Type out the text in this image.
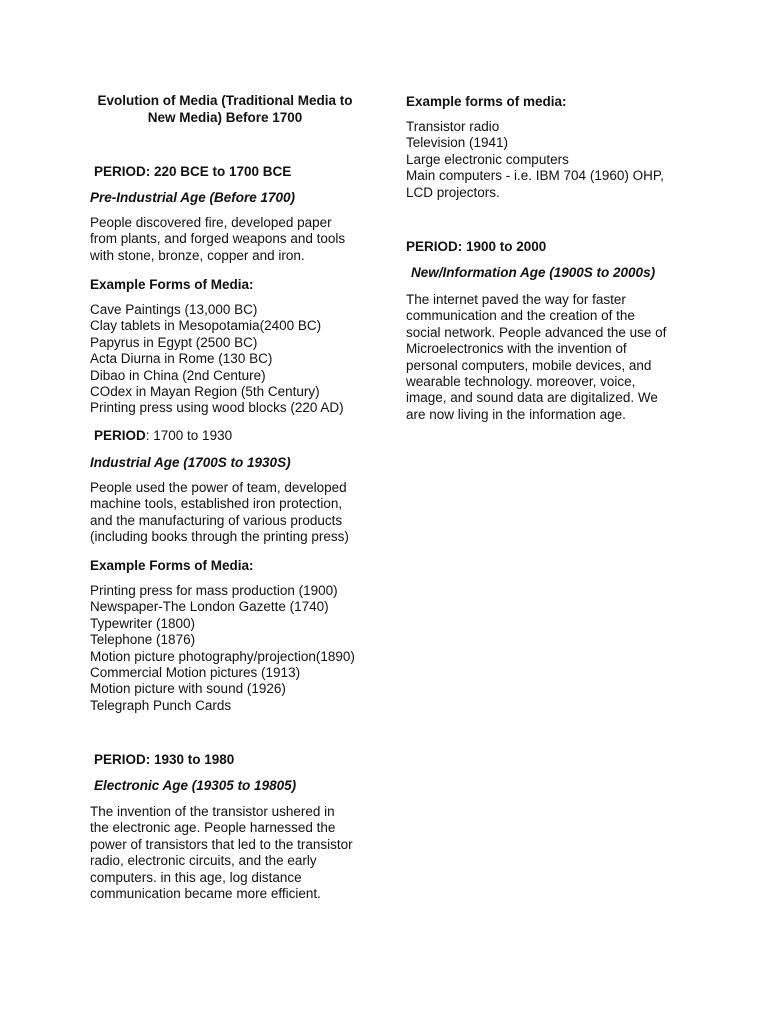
Evolution of Media (Traditional Media to
New Media) Before 1700
PERIOD: 220 BCE to 1700 BCE
Pre-Industrial Age (Before 1700)
People discovered fire, developed paper
from plants, and forged weapons and tools
with stone, bronze, copper and iron.
Example Forms of Media:
Cave Paintings (13,000 BC)
Clay tablets in Mesopotamia(2400 BC)
Papyrus in Egypt (2500 BC)
Acta Diurna in Rome (130 BC)
Dibao in China (2nd Centure)
COdex in Mayan Region (5th Century)
Printing press using wood blocks (220 AD)
PERIOD: 1700 to 1930
Industrial Age (1700S to 1930S)
People used the power of team, developed
machine tools, established iron protection,
and the manufacturing of various products
(including books through the printing press)
Example Forms of Media:
Printing press for mass production (1900)
Newspaper-The London Gazette (1740)
Typewriter (1800)
Telephone (1876)
Motion picture photography/projection(1890)
Commercial Motion pictures (1913)
Motion picture with sound (1926)
Telegraph Punch Cards
PERIOD: 1930 to 1980
Electronic Age (19305 to 19805)
The invention of the transistor ushered in
the electronic age. People harnessed the
power of transistors that led to the transistor
radio, electronic circuits, and the early
computers. in this age, log distance
communication became more efficient.
Example forms of media:
Transistor radio
Television (1941)
Large electronic computers
Main computers - i.e. IBM 704 (1960) OHP,
LCD projectors.
PERIOD: 1900 to 2000
New/Information Age (1900S to 2000s)
The internet paved the way for faster
communication and the creation of the
social network. People advanced the use of
Microelectronics with the invention of
personal computers, mobile devices, and
wearable technology. moreover, voice,
image, and sound data are digitalized. We
are now living in the information age.
